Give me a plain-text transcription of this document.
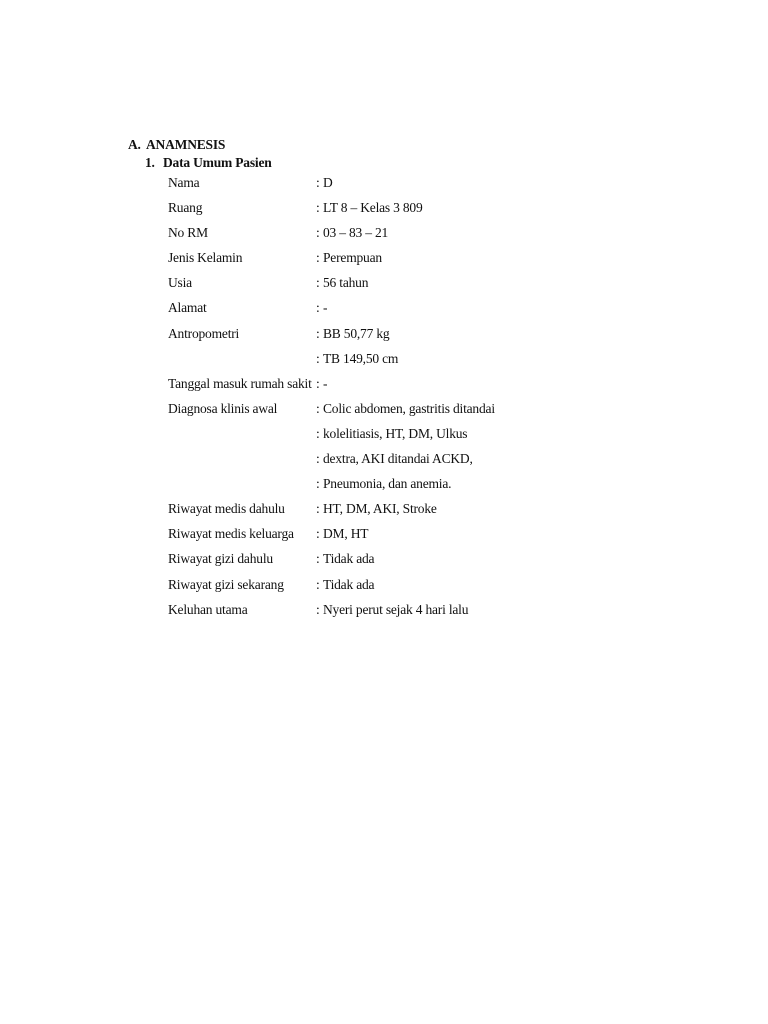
A. ANAMNESIS
1. Data Umum Pasien
Nama	: D
Ruang	: LT 8 – Kelas 3 809
No RM	: 03 – 83 – 21
Jenis Kelamin	: Perempuan
Usia	: 56 tahun
Alamat	: -
Antropometri	: BB 50,77 kg
: TB 149,50 cm
Tanggal masuk rumah sakit : -
Diagnosa klinis awal	: Colic abdomen, gastritis ditandai
: kolelitiasis, HT, DM, Ulkus
: dextra, AKI ditandai ACKD,
: Pneumonia, dan anemia.
Riwayat medis dahulu	: HT, DM, AKI, Stroke
Riwayat medis keluarga	: DM, HT
Riwayat gizi dahulu	: Tidak ada
Riwayat gizi sekarang	: Tidak ada
Keluhan utama	: Nyeri perut sejak 4 hari lalu
